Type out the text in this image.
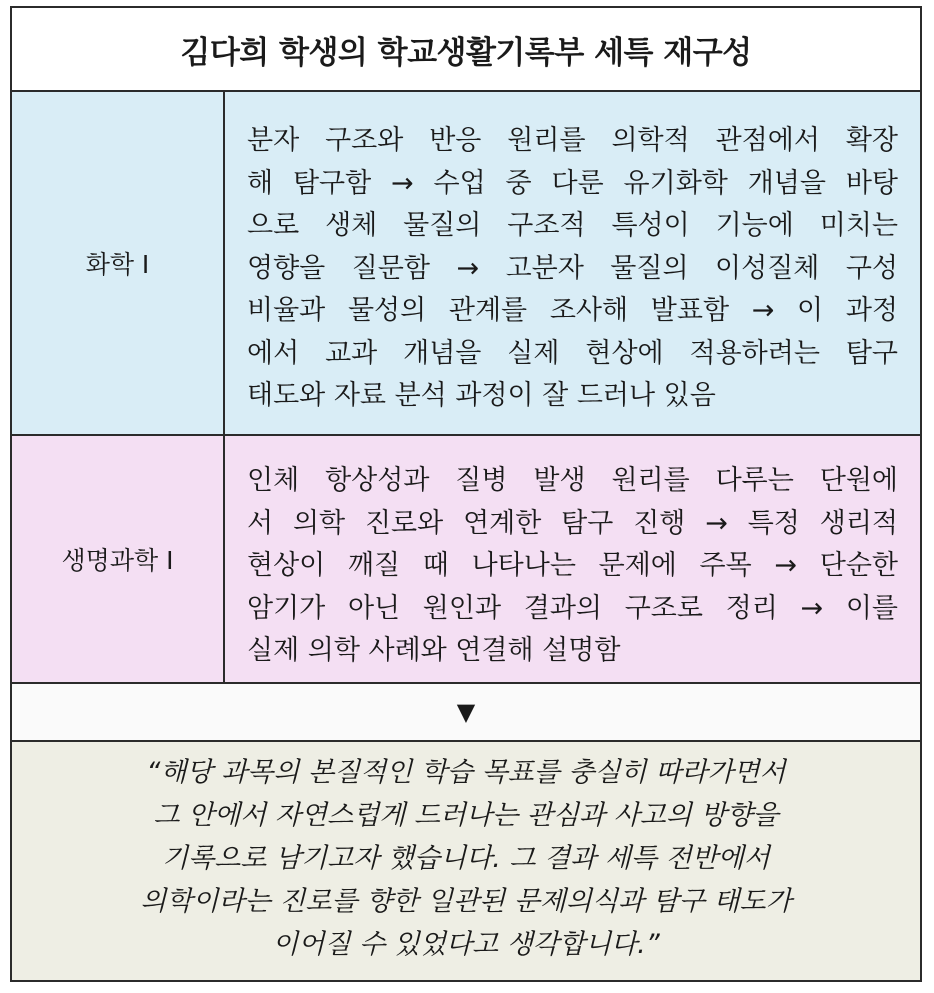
김다희 학생의 학교생활기록부 세특 재구성
화학 Ⅰ
분자 구조와 반응 원리를 의학적 관점에서 확장
해 탐구함 → 수업 중 다룬 유기화학 개념을 바탕
으로 생체 물질의 구조적 특성이 기능에 미치는
영향을 질문함 → 고분자 물질의 이성질체 구성
비율과 물성의 관계를 조사해 발표함 → 이 과정
에서 교과 개념을 실제 현상에 적용하려는 탐구
태도와 자료 분석 과정이 잘 드러나 있음
생명과학 Ⅰ
인체 항상성과 질병 발생 원리를 다루는 단원에
서 의학 진로와 연계한 탐구 진행 → 특정 생리적
현상이 깨질 때 나타나는 문제에 주목 → 단순한
암기가 아닌 원인과 결과의 구조로 정리 → 이를
실제 의학 사례와 연결해 설명함
▼
“해당 과목의 본질적인 학습 목표를 충실히 따라가면서
그 안에서 자연스럽게 드러나는 관심과 사고의 방향을
기록으로 남기고자 했습니다. 그 결과 세특 전반에서
의학이라는 진로를 향한 일관된 문제의식과 탐구 태도가
이어질 수 있었다고 생각합니다.”
